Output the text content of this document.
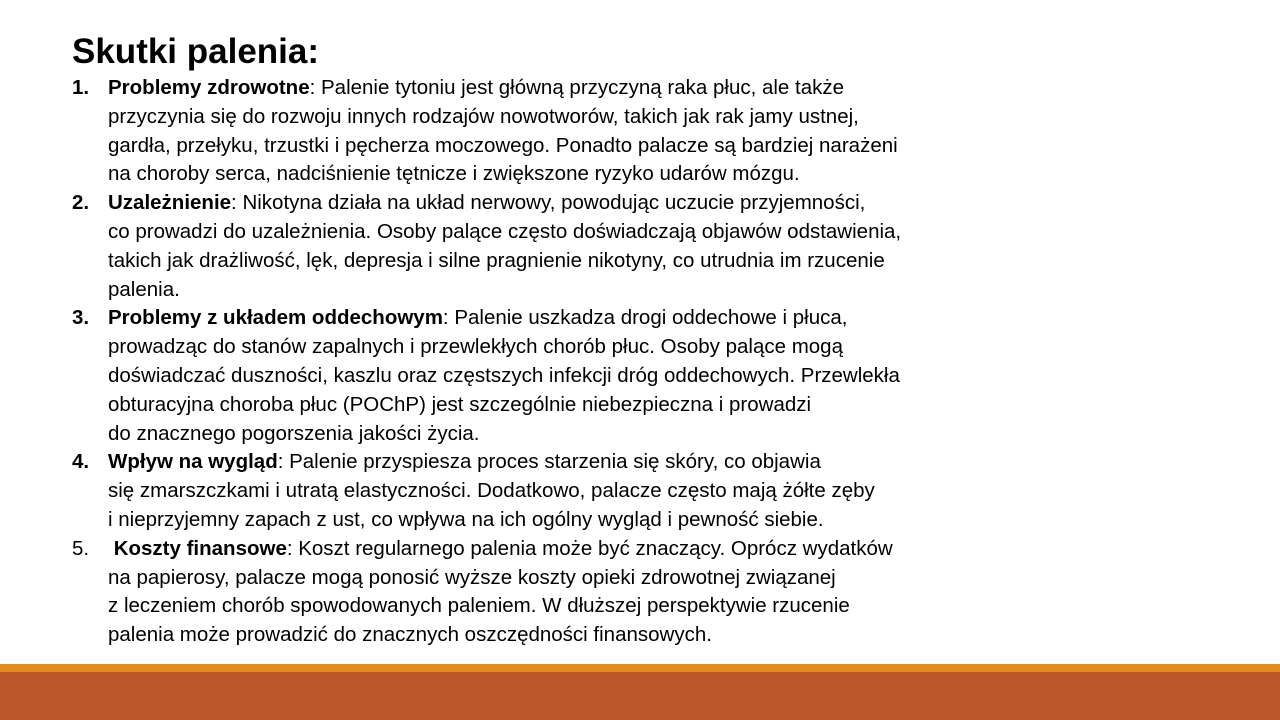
Skutki palenia:
1. Problemy zdrowotne: Palenie tytoniu jest główną przyczyną raka płuc, ale także
przyczynia się do rozwoju innych rodzajów nowotworów, takich jak rak jamy ustnej,
gardła, przełyku, trzustki i pęcherza moczowego. Ponadto palacze są bardziej narażeni
na choroby serca, nadciśnienie tętnicze i zwiększone ryzyko udarów mózgu.
2. Uzależnienie: Nikotyna działa na układ nerwowy, powodując uczucie przyjemności,
co prowadzi do uzależnienia. Osoby palące często doświadczają objawów odstawienia,
takich jak drażliwość, lęk, depresja i silne pragnienie nikotyny, co utrudnia im rzucenie
palenia.
3. Problemy z układem oddechowym: Palenie uszkadza drogi oddechowe i płuca,
prowadząc do stanów zapalnych i przewlekłych chorób płuc. Osoby palące mogą
doświadczać duszności, kaszlu oraz częstszych infekcji dróg oddechowych. Przewlekła
obturacyjna choroba płuc (POChP) jest szczególnie niebezpieczna i prowadzi
do znacznego pogorszenia jakości życia.
4. Wpływ na wygląd: Palenie przyspiesza proces starzenia się skóry, co objawia
się zmarszczkami i utratą elastyczności. Dodatkowo, palacze często mają żółte zęby
i nieprzyjemny zapach z ust, co wpływa na ich ogólny wygląd i pewność siebie.
5. Koszty finansowe: Koszt regularnego palenia może być znaczący. Oprócz wydatków
na papierosy, palacze mogą ponosić wyższe koszty opieki zdrowotnej związanej
z leczeniem chorób spowodowanych paleniem. W dłuższej perspektywie rzucenie
palenia może prowadzić do znacznych oszczędności finansowych.
